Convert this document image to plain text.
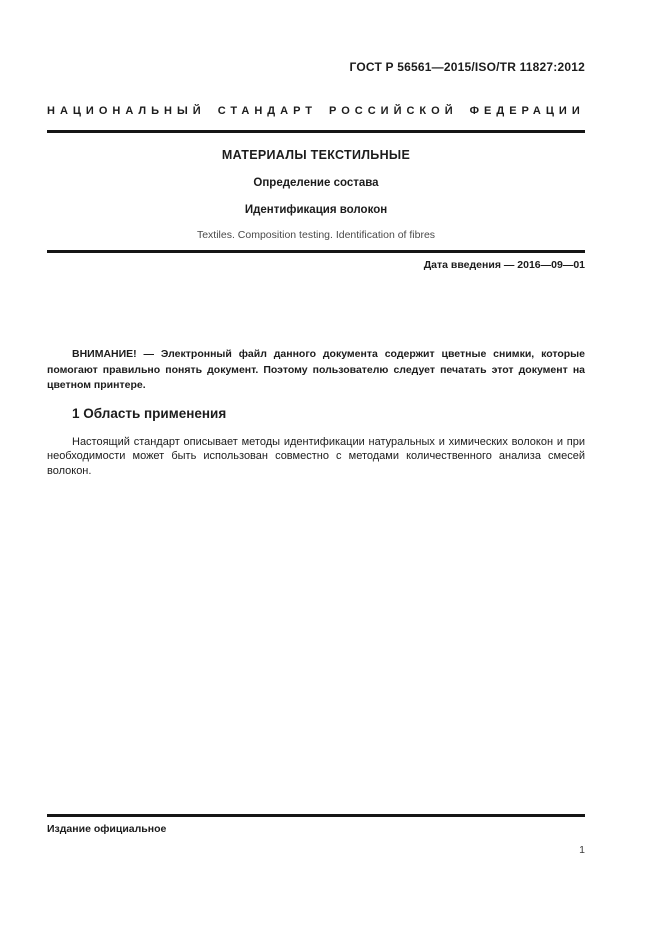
ГОСТ Р 56561—2015/ISO/TR 11827:2012
НАЦИОНАЛЬНЫЙ СТАНДАРТ РОССИЙСКОЙ ФЕДЕРАЦИИ
МАТЕРИАЛЫ ТЕКСТИЛЬНЫЕ
Определение состава
Идентификация волокон
Textiles. Composition testing. Identification of fibres
Дата введения — 2016—09—01

ВНИМАНИЕ! — Электронный файл данного документа содержит цветные снимки, которые помогают правильно понять документ. Поэтому пользователю следует печатать этот документ на цветном принтере.

1 Область применения

Настоящий стандарт описывает методы идентификации натуральных и химических волокон и при необходимости может быть использован совместно с методами количественного анализа смесей волокон.

Издание официальное
1
